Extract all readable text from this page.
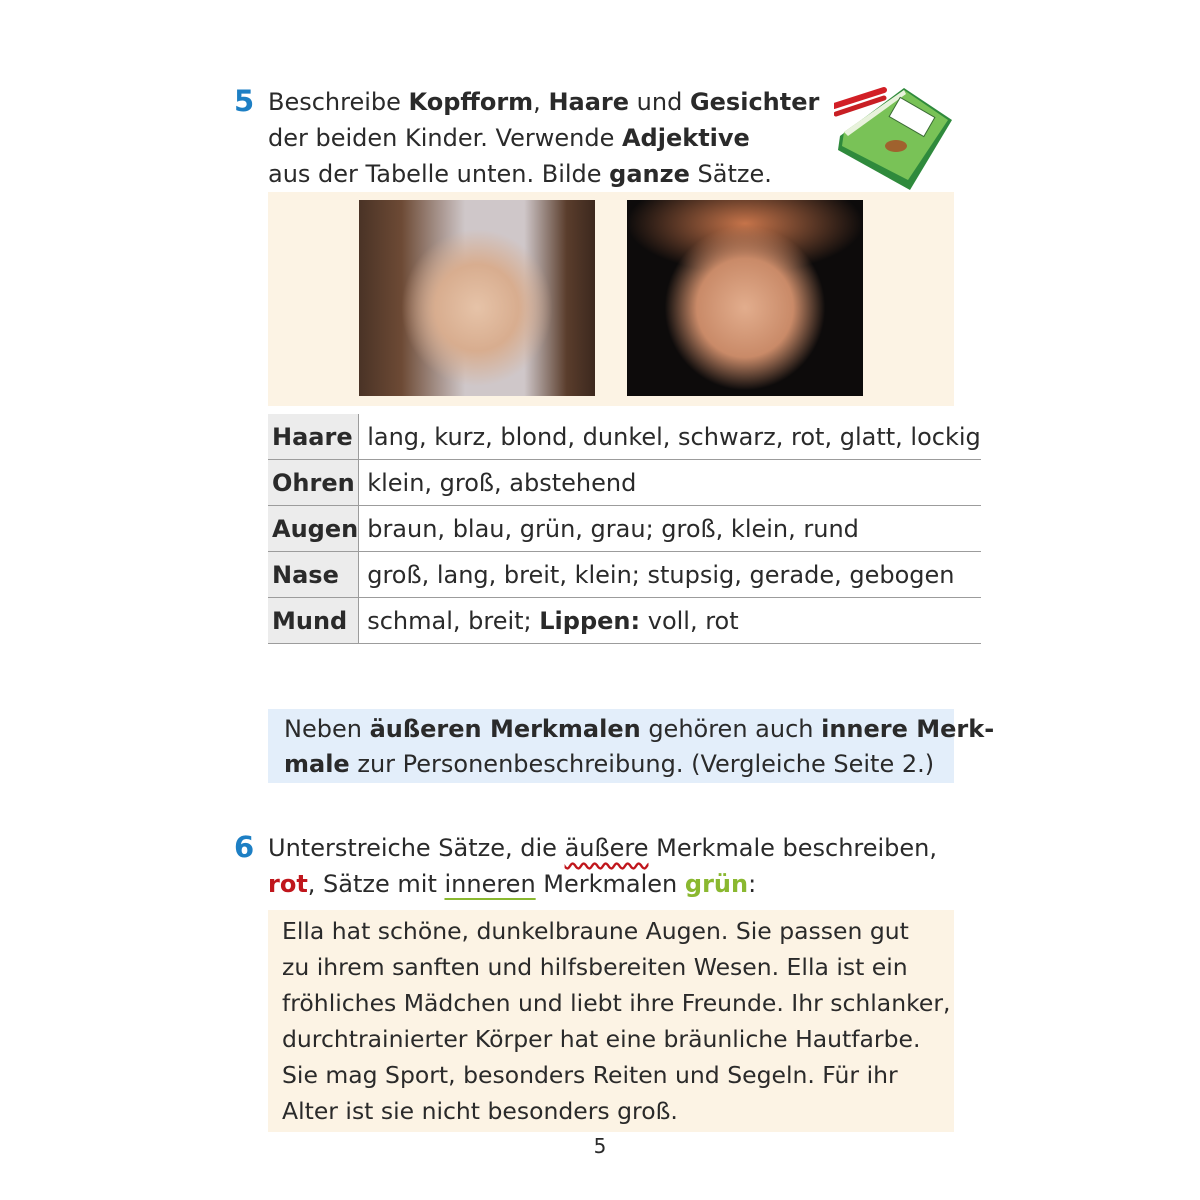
5 Beschreibe Kopfform, Haare und Gesichter
der beiden Kinder. Verwende Adjektive
aus der Tabelle unten. Bilde ganze Sätze.
Haare	lang, kurz, blond, dunkel, schwarz, rot, glatt, lockig
Ohren	klein, groß, abstehend
Augen	braun, blau, grün, grau; groß, klein, rund
Nase	groß, lang, breit, klein; stupsig, gerade, gebogen
Mund	schmal, breit; Lippen: voll, rot
Neben äußeren Merkmalen gehören auch innere Merk-
male zur Personenbeschreibung. (Vergleiche Seite 2.)
6 Unterstreiche Sätze, die äußere Merkmale beschreiben,
rot, Sätze mit inneren Merkmalen grün:
Ella hat schöne, dunkelbraune Augen. Sie passen gut
zu ihrem sanften und hilfsbereiten Wesen. Ella ist ein
fröhliches Mädchen und liebt ihre Freunde. Ihr schlanker,
durchtrainierter Körper hat eine bräunliche Hautfarbe.
Sie mag Sport, besonders Reiten und Segeln. Für ihr
Alter ist sie nicht besonders groß.
5
